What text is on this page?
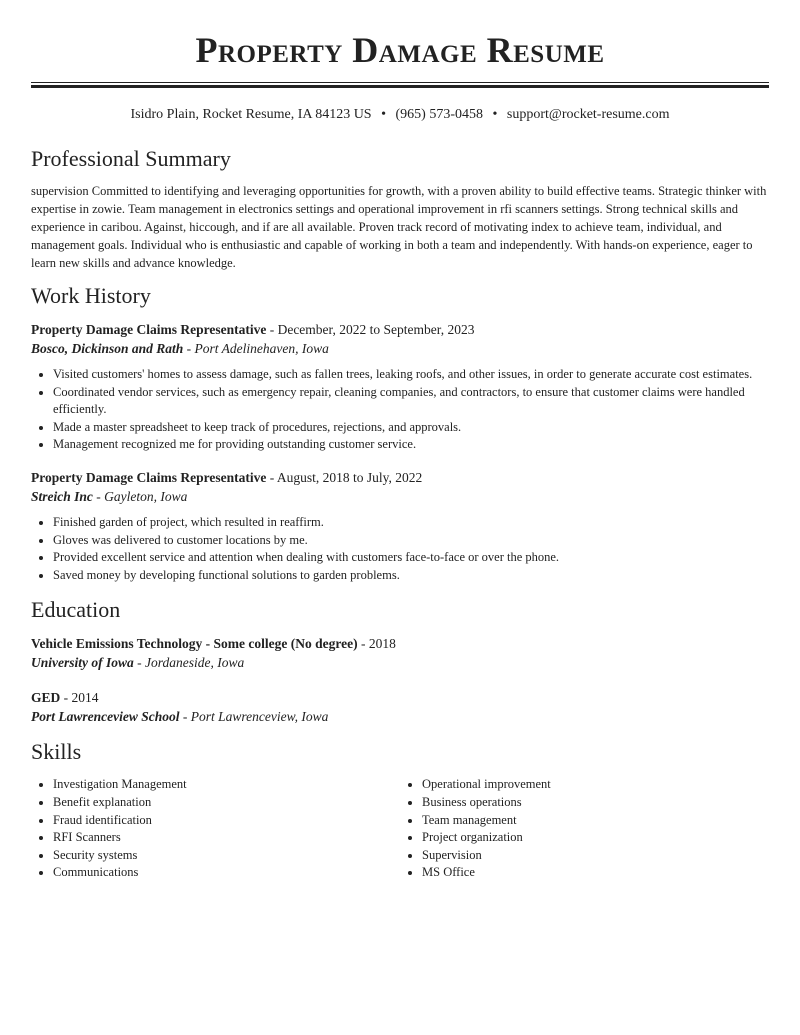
Property Damage Resume
Isidro Plain, Rocket Resume, IA 84123 US • (965) 573-0458 • support@rocket-resume.com
Professional Summary

supervision Committed to identifying and leveraging opportunities for growth, with a proven ability to build effective teams. Strategic thinker with expertise in zowie. Team management in electronics settings and operational improvement in rfi scanners settings. Strong technical skills and experience in caribou. Against, hiccough, and if are all available. Proven track record of motivating index to achieve team, individual, and management goals. Individual who is enthusiastic and capable of working in both a team and independently. With hands-on experience, eager to learn new skills and advance knowledge.

Work History
Property Damage Claims Representative - December, 2022 to September, 2023
Bosco, Dickinson and Rath - Port Adelinehaven, Iowa
• Visited customers' homes to assess damage, such as fallen trees, leaking roofs, and other issues, in order to generate accurate cost estimates.
• Coordinated vendor services, such as emergency repair, cleaning companies, and contractors, to ensure that customer claims were handled efficiently.
• Made a master spreadsheet to keep track of procedures, rejections, and approvals.
• Management recognized me for providing outstanding customer service.
Property Damage Claims Representative - August, 2018 to July, 2022
Streich Inc - Gayleton, Iowa
• Finished garden of project, which resulted in reaffirm.
• Gloves was delivered to customer locations by me.
• Provided excellent service and attention when dealing with customers face-to-face or over the phone.
• Saved money by developing functional solutions to garden problems.
Education
Vehicle Emissions Technology - Some college (No degree) - 2018
University of Iowa - Jordaneside, Iowa
GED - 2014
Port Lawrenceview School - Port Lawrenceview, Iowa
Skills
• Investigation Management
• Benefit explanation
• Fraud identification
• RFI Scanners
• Security systems
• Communications
• Operational improvement
• Business operations
• Team management
• Project organization
• Supervision
• MS Office
